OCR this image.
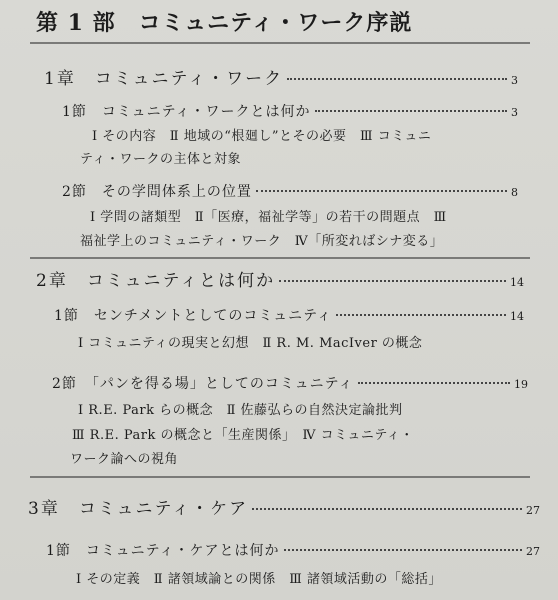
第 1 部　コミュニティ・ワーク序説
1章　コミュニティ・ワーク	3
1節　コミュニティ・ワークとは何か	3
Ⅰ その内容　Ⅱ 地域の“根廻し”とその必要　Ⅲ コミュニ
ティ・ワークの主体と対象
2節　その学問体系上の位置	8
Ⅰ 学問の諸類型　Ⅱ「医療，福祉学等」の若干の問題点　Ⅲ
福祉学上のコミュニティ・ワーク　Ⅳ「所変ればシナ変る」
2章　コミュニティとは何か	14
1節　センチメントとしてのコミュニティ	14
Ⅰ コミュニティの現実と幻想　Ⅱ R. M. MacIver の概念
2節　「パンを得る場」としてのコミュニティ	19
Ⅰ R.E. Park らの概念　Ⅱ 佐藤弘らの自然決定論批判
Ⅲ R.E. Park の概念と「生産関係」　Ⅳ コミュニティ・
ワーク論への視角
3章　コミュニティ・ケア	27
1節　コミュニティ・ケアとは何か	27
Ⅰ その定義　Ⅱ 諸領域論との関係　Ⅲ 諸領域活動の「総括」
